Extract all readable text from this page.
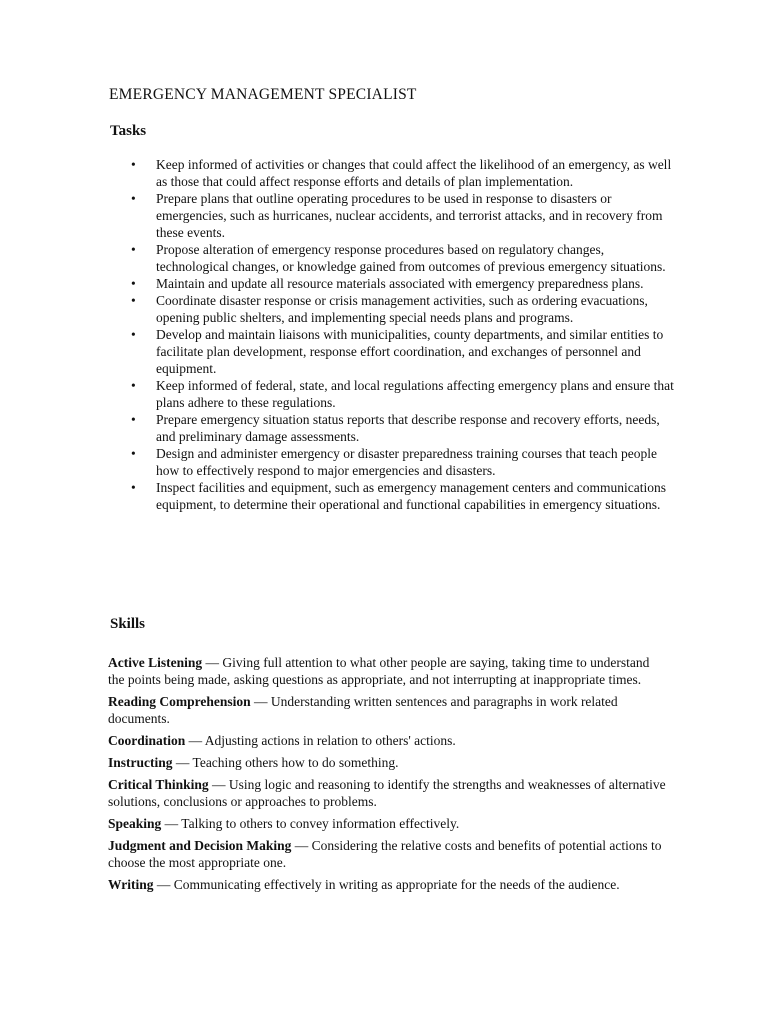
EMERGENCY MANAGEMENT SPECIALIST
Tasks
• Keep informed of activities or changes that could affect the likelihood of an emergency, as well as those that could affect response efforts and details of plan implementation.
• Prepare plans that outline operating procedures to be used in response to disasters or emergencies, such as hurricanes, nuclear accidents, and terrorist attacks, and in recovery from these events.
• Propose alteration of emergency response procedures based on regulatory changes, technological changes, or knowledge gained from outcomes of previous emergency situations.
• Maintain and update all resource materials associated with emergency preparedness plans.
• Coordinate disaster response or crisis management activities, such as ordering evacuations, opening public shelters, and implementing special needs plans and programs.
• Develop and maintain liaisons with municipalities, county departments, and similar entities to facilitate plan development, response effort coordination, and exchanges of personnel and equipment.
• Keep informed of federal, state, and local regulations affecting emergency plans and ensure that plans adhere to these regulations.
• Prepare emergency situation status reports that describe response and recovery efforts, needs, and preliminary damage assessments.
• Design and administer emergency or disaster preparedness training courses that teach people how to effectively respond to major emergencies and disasters.
• Inspect facilities and equipment, such as emergency management centers and communications equipment, to determine their operational and functional capabilities in emergency situations.
Skills

Active Listening — Giving full attention to what other people are saying, taking time to understand the points being made, asking questions as appropriate, and not interrupting at inappropriate times.

Reading Comprehension — Understanding written sentences and paragraphs in work related documents.

Coordination — Adjusting actions in relation to others' actions.

Instructing — Teaching others how to do something.

Critical Thinking — Using logic and reasoning to identify the strengths and weaknesses of alternative solutions, conclusions or approaches to problems.

Speaking — Talking to others to convey information effectively.

Judgment and Decision Making — Considering the relative costs and benefits of potential actions to choose the most appropriate one.

Writing — Communicating effectively in writing as appropriate for the needs of the audience.
